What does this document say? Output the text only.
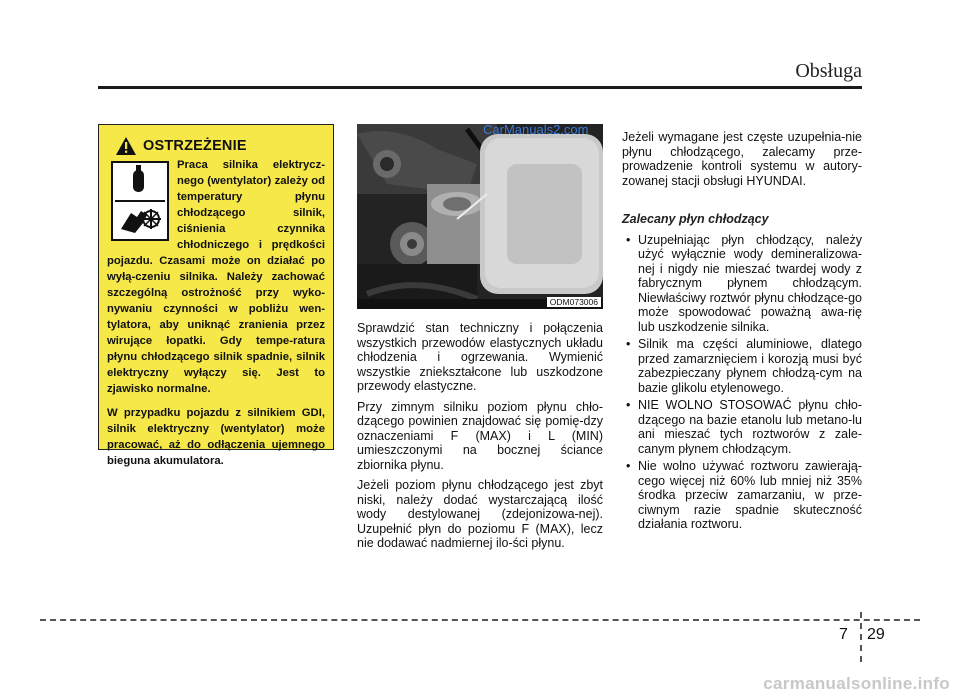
Obsługa
OSTRZEŻENIE

Praca silnika elektrycz-nego (wentylator) zależy od temperatury płynu chłodzącego silnik, ciśnienia czynnika chłodniczego i prędkości pojazdu. Czasami może on działać po wyłą-czeniu silnika. Należy zachować szczególną ostrożność przy wyko-nywaniu czynności w pobliżu wen-tylatora, aby uniknąć zranienia przez wirujące łopatki. Gdy tempe-ratura płynu chłodzącego silnik spadnie, silnik elektryczny wyłączy się. Jest to zjawisko normalne.

W przypadku pojazdu z silnikiem GDI, silnik elektryczny (wentylator) może pracować, aż do odłączenia ujemnego bieguna akumulatora.

ODM073006
CarManuals2.com

Sprawdzić stan techniczny i połączenia wszystkich przewodów elastycznych układu chłodzenia i ogrzewania. Wymienić wszystkie zniekształcone lub uszkodzone przewody elastyczne.

Przy zimnym silniku poziom płynu chło-dzącego powinien znajdować się pomię-dzy oznaczeniami F (MAX) i L (MIN) umieszczonymi na bocznej ściance zbiornika płynu.

Jeżeli poziom płynu chłodzącego jest zbyt niski, należy dodać wystarczającą ilość wody destylowanej (zdejonizowa-nej). Uzupełnić płyn do poziomu F (MAX), lecz nie dodawać nadmiernej ilo-ści płynu.

Jeżeli wymagane jest częste uzupełnia-nie płynu chłodzącego, zalecamy prze-prowadzenie kontroli systemu w autory-zowanej stacji obsługi HYUNDAI.

Zalecany płyn chłodzący
• Uzupełniając płyn chłodzący, należy użyć wyłącznie wody demineralizowa-nej i nigdy nie mieszać twardej wody z fabrycznym płynem chłodzącym. Niewłaściwy roztwór płynu chłodzące-go może spowodować poważną awa-rię lub uszkodzenie silnika.
• Silnik ma części aluminiowe, dlatego przed zamarznięciem i korozją musi być zabezpieczany płynem chłodzą-cym na bazie glikolu etylenowego.
• NIE WOLNO STOSOWAĆ płynu chło-dzącego na bazie etanolu lub metano-lu ani mieszać tych roztworów z zale-canym płynem chłodzącym.
• Nie wolno używać roztworu zawierają-cego więcej niż 60% lub mniej niż 35% środka przeciw zamarzaniu, w prze-ciwnym razie spadnie skuteczność działania roztworu.
7 29
carmanualsonline.info
